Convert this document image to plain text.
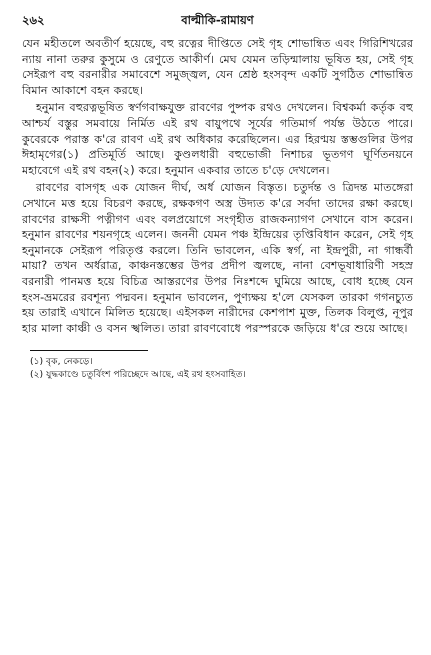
২৬২	বাল্মীকি-রামায়ণ

যেন মহীতলে অবতীর্ণ হয়েছে, বহু রত্নের দীপ্তিতে সেই গৃহ শোভান্বিত এবং গিরিশিখরের ন্যায় নানা তরুর কুসুমে ও রেণুতে আকীর্ণ। মেঘ যেমন তড়িন্মালায় ভূষিত হয়, সেই গৃহ সেইরূপ বহু বরনারীর সমাবেশে সমুজ্জ্বল, যেন শ্রেষ্ঠ হংসবৃন্দ একটি সুগঠিত শোভান্বিত বিমান আকাশে বহন করছে।

হনুমান বহুরত্নভূষিত স্বর্ণগবাক্ষযুক্ত রাবণের পুষ্পক রথও দেখলেন। বিশ্বকর্মা কর্তৃক বহু আশ্চর্য বস্তুর সমবায়ে নির্মিত এই রথ বায়ুপথে সূর্যের গতিমার্গ পর্যন্ত উঠতে পারে। কুবেরকে পরাস্ত ক'রে রাবণ এই রথ অধিকার করেছিলেন। এর হিরণ্ময় স্তম্ভগুলির উপর ঈহামৃগের(১) প্রতিমূর্তি আছে। কুণ্ডলধারী বহুভোজী নিশাচর ভূতগণ ঘূর্ণিতনয়নে মহাবেগে এই রথ বহন(২) করে। হনুমান একবার তাতে চ'ড়ে দেখলেন।

রাবণের বাসগৃহ এক যোজন দীর্ঘ, অর্ধ যোজন বিস্তৃত। চতুর্দন্ত ও ত্রিদন্ত মাতঙ্গেরা সেখানে মত্ত হয়ে বিচরণ করছে, রক্ষকগণ অস্ত্র উদ্যত ক'রে সর্বদা তাদের রক্ষা করছে। রাবণের রাক্ষসী পত্নীগণ এবং বলপ্রয়োগে সংগৃহীত রাজকন্যাগণ সেখানে বাস করেন। হনুমান রাবণের শয়নগৃহে এলেন। জননী যেমন পঞ্চ ইন্দ্রিয়ের তৃপ্তিবিধান করেন, সেই গৃহ হনুমানকে সেইরূপ পরিতৃপ্ত করলে। তিনি ভাবলেন, একি স্বর্গ, না ইন্দ্রপুরী, না গান্ধর্বী মায়া? তখন অর্ধরাত্র, কাঞ্চনস্তম্ভের উপর প্রদীপ জ্বলছে, নানা বেশভূষাধারিণী সহস্র বরনারী পানমত্ত হয়ে বিচিত্র আস্তরণের উপর নিঃশব্দে ঘুমিয়ে আছে, বোধ হচ্ছে যেন হংস-ভ্রমরের রবশূন্য পদ্মবন। হনুমান ভাবলেন, পুণ্যক্ষয় হ'লে যেসকল তারকা গগনচ্যুত হয় তারাই এখানে মিলিত হয়েছে। এইসকল নারীদের কেশপাশ মুক্ত, তিলক বিলুপ্ত, নূপুর হার মালা কাঞ্চী ও বসন স্খলিত। তারা রাবণবোধে পরস্পরকে জড়িয়ে ধ'রে শুয়ে আছে।

(১) বৃক, নেকড়ে।
(২) যুদ্ধকাণ্ডে চতুর্বিংশ পরিচ্ছেদে আছে, এই রথ হংসবাহিত।
